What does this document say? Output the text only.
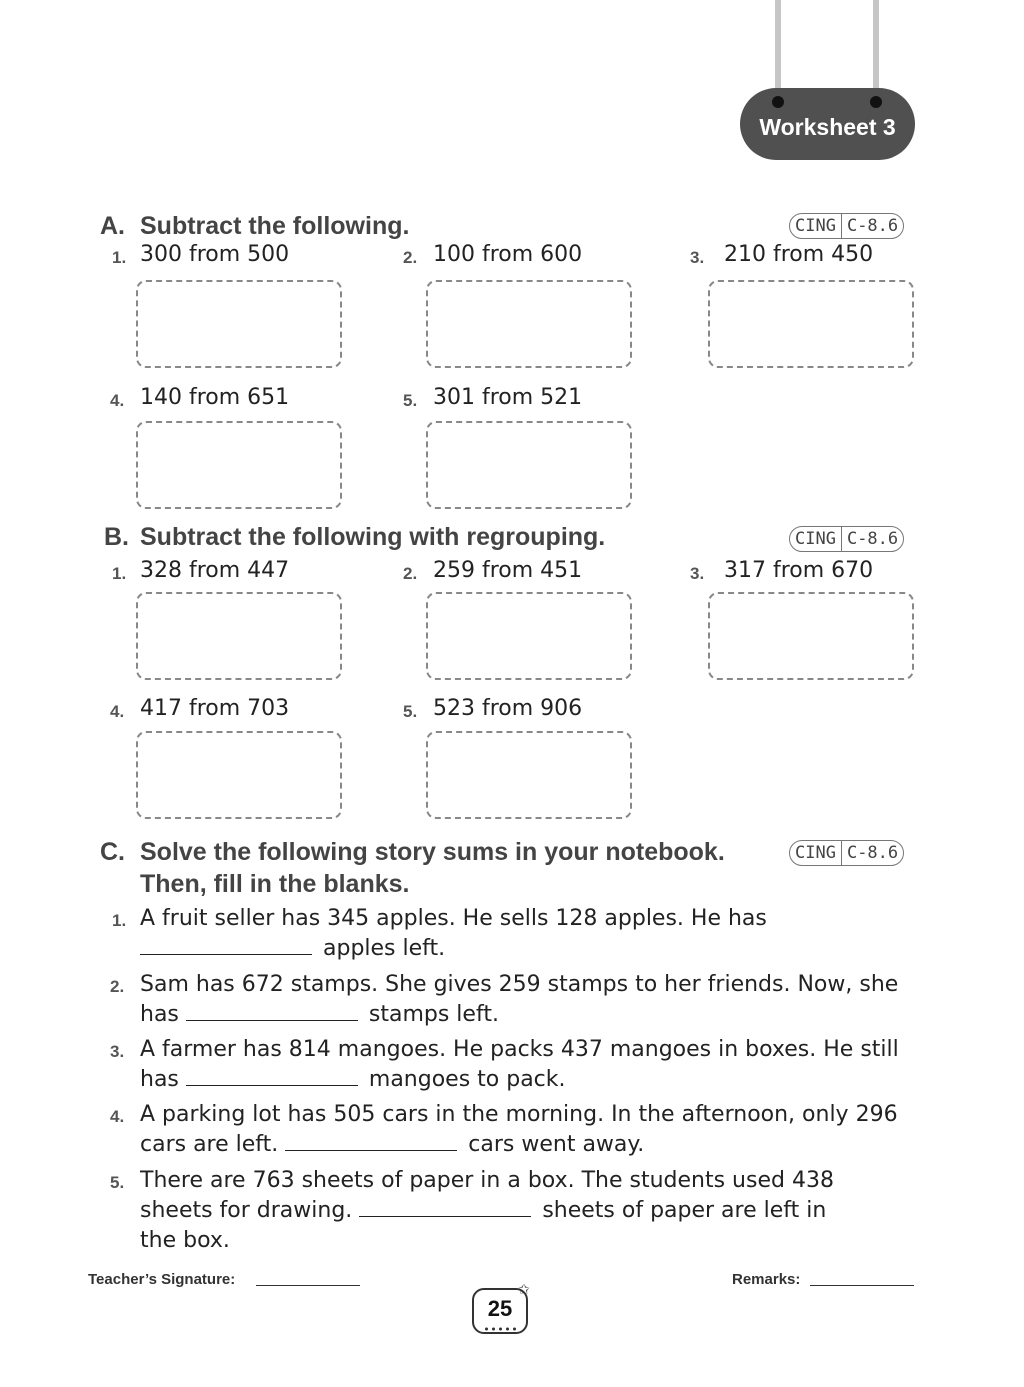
Worksheet 3
A. Subtract the following.	CING C-8.6
1. 300 from 500	2. 100 from 600	3. 210 from 450
4. 140 from 651	5. 301 from 521
B. Subtract the following with regrouping.	CING C-8.6
1. 328 from 447	2. 259 from 451	3. 317 from 670
4. 417 from 703	5. 523 from 906
C. Solve the following story sums in your notebook.
Then, fill in the blanks.
CING C-8.6
1. A fruit seller has 345 apples. He sells 128 apples. He has
apples left.
2. Sam has 672 stamps. She gives 259 stamps to her friends. Now, she has	stamps left.
3. A farmer has 814 mangoes. He packs 437 mangoes in boxes. He still has	mangoes to pack.
4. A parking lot has 505 cars in the morning. In the afternoon, only 296 cars are left.	cars went away.
5. There are 763 sheets of paper in a box. The students used 438 sheets for drawing.	sheets of paper are left in the box.
Teacher’s Signature:	Remarks:
25
✩
